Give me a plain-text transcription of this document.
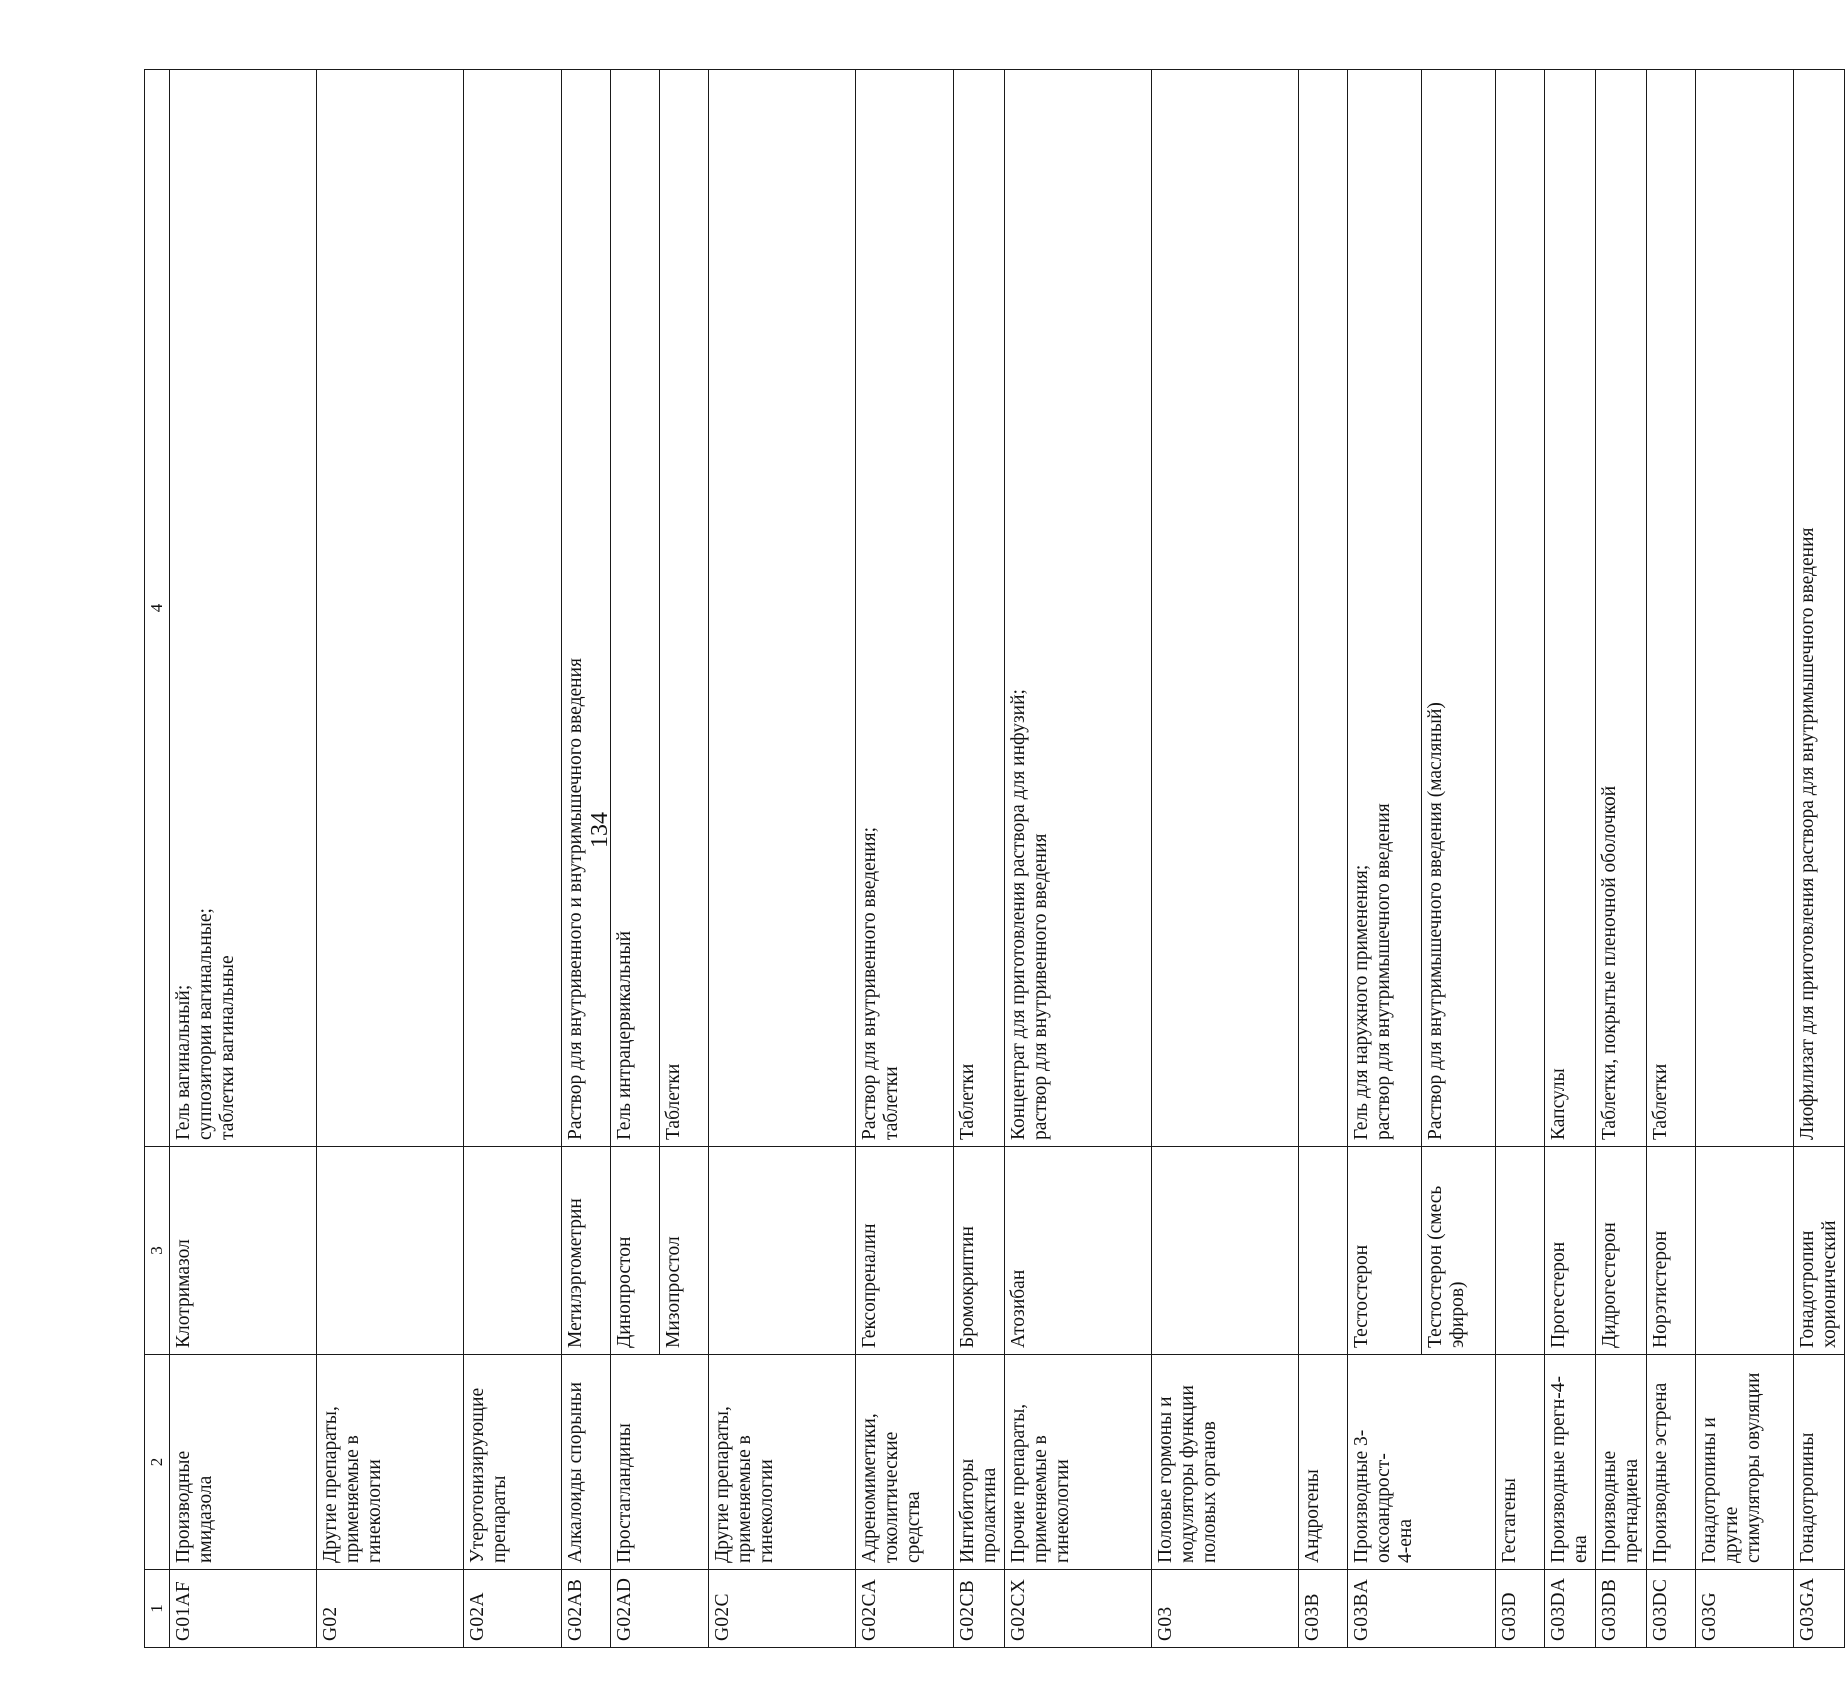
134
1	2	3	4
G01AF	Производные имидазола	Клотримазол	Гель вагинальный; суппозитории вагинальные; таблетки вагинальные

G02	Другие препараты, применяемые в гинекологии		

G02A	Утеротонизирующие препараты		

G02AB	Алкалоиды спорыньи	Метилэргометрин	Раствор для внутривенного и внутримышечного введения

G02AD	Простагландины	Динопростон	Гель интрацервикальный

		Мизопростол	Таблетки

G02C	Другие препараты, применяемые в гинекологии		

G02CA	Адреномиметики, токолитические средства	Гексопреналин	Раствор для внутривенного введения; таблетки

G02CB	Ингибиторы пролактина	Бромокриптин	Таблетки

G02CX	Прочие препараты, применяемые в гинекологии	Атозибан	Концентрат для приготовления раствора для инфузий; раствор для внутривенного введения

G03	Половые гормоны и модуляторы функции половых органов		

G03B	Андрогены		

G03BA	Производные 3- оксоандрост- 4-ена	Тестостерон	Гель для наружного применения; раствор для внутримышечного введения

		Тестостерон (смесь эфиров)	Раствор для внутримышечного введения (масляный)

G03D	Гестагены		

G03DA	Производные прегн-4-ена	Прогестерон	Капсулы

G03DB	Производные прегнадиена	Дидрогестерон	Таблетки, покрытые пленочной оболочкой

G03DC	Производные эстрена	Норэтистерон	Таблетки

G03G	Гонадотропины и другие стимуляторы овуляции		

G03GA	Гонадотропины	Гонадотропин хорионический	Лиофилизат для приготовления раствора для внутримышечного введения
